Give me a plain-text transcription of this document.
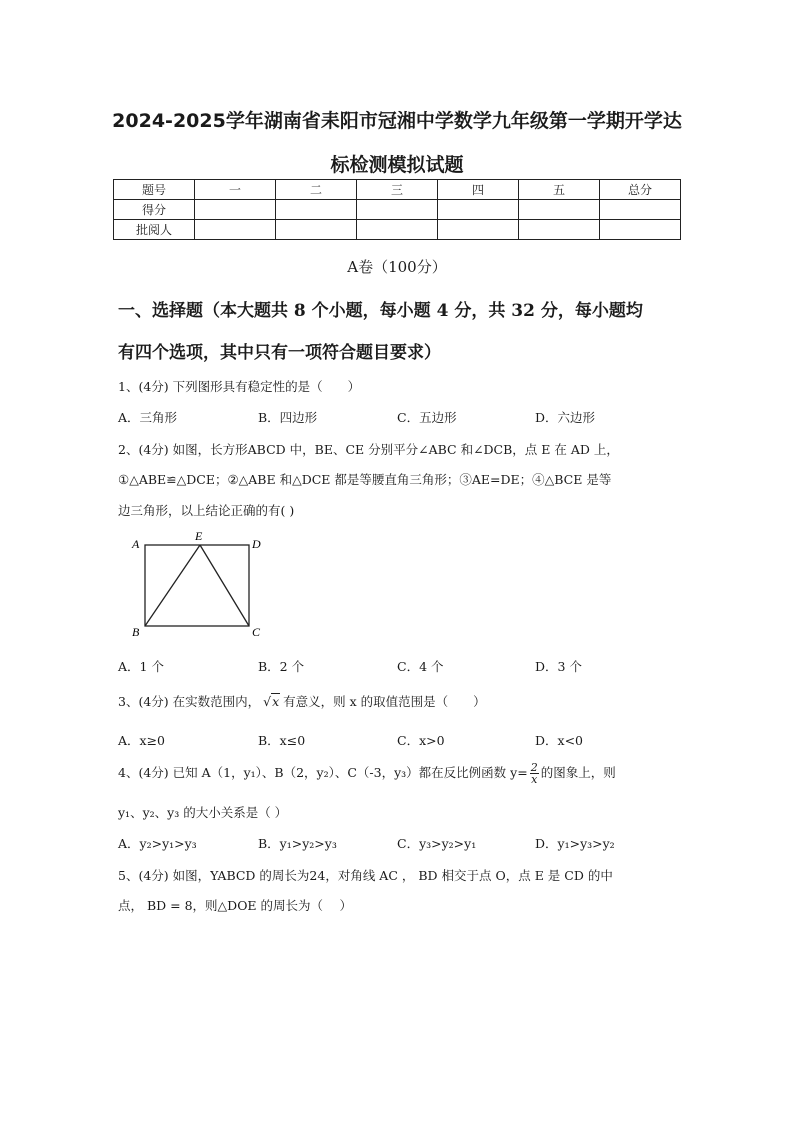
2024-2025学年湖南省耒阳市冠湘中学数学九年级第一学期开学达
标检测模拟试题
题号	一	二	三	四	五	总分
得分						
批阅人						
A卷（100分）
一、选择题（本大题共 8 个小题，每小题 4 分，共 32 分，每小题均
有四个选项，其中只有一项符合题目要求）
1、(4分) 下列图形具有稳定性的是（　　）
A．三角形	B．四边形	C．五边形	D．六边形
2、(4分) 如图，长方形ABCD 中，BE、CE 分别平分∠ABC 和∠DCB，点 E 在 AD 上，
①△ABE≌△DCE；②△ABE 和△DCE 都是等腰直角三角形；③AE=DE；④△BCE 是等
边三角形，以上结论正确的有( )
A
E
D
B	C
A．1 个	B．2 个	C．4 个	D．3 个
3、(4分) 在实数范围内， √x 有意义，则 x 的取值范围是（　　）
A．x≥0	B．x≤0	C．x>0	D．x<0
4、(4分) 已知 A（1，y₁）、B（2，y₂）、C（-3，y₃）都在反比例函数 $y= \frac{2}{x}$ 的图象上，则
y₁、y₂、y₃ 的大小关系是（ ）
A．y₂>y₁>y₃	B．y₁>y₂>y₃	C．y₃>y₂>y₁	D．y₁>y₃>y₂
5、(4分) 如图，YABCD 的周长为24，对角线 AC ， BD 相交于点 O，点 E 是 CD 的中
点， BD = 8，则△DOE 的周长为（　 ）
